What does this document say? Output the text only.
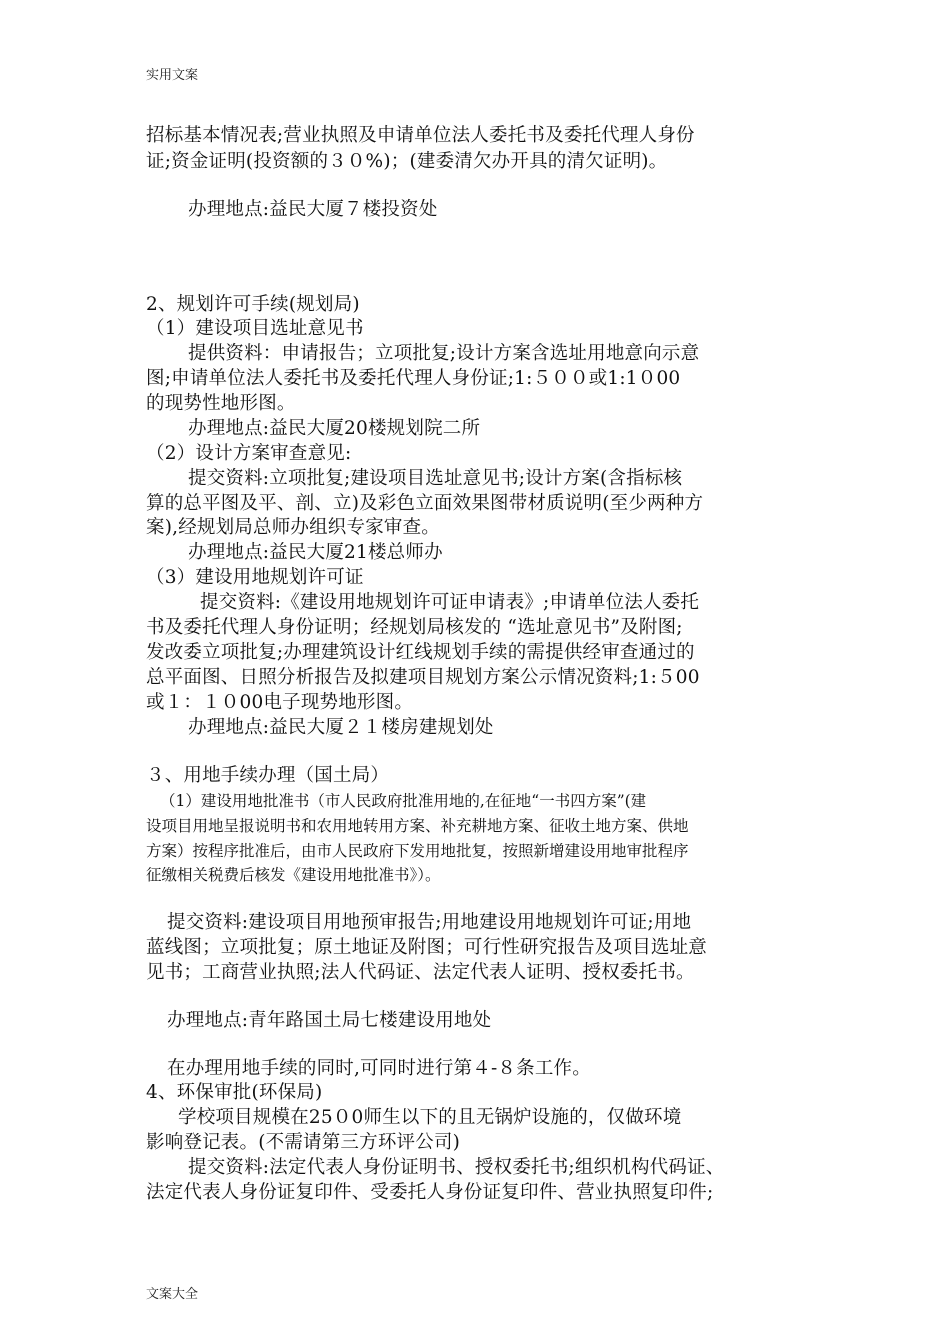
实用文案
招标基本情况表;营业执照及申请单位法人委托书及委托代理人身份
证;资金证明(投资额的３０%)；(建委清欠办开具的清欠证明)。
办理地点:益民大厦７楼投资处
2、规划许可手续(规划局)
（1）建设项目选址意见书
提供资料：申请报告；立项批复;设计方案含选址用地意向示意
图;申请单位法人委托书及委托代理人身份证;1:５００或1:1０00
的现势性地形图。
办理地点:益民大厦20楼规划院二所
（2）设计方案审查意见:
提交资料:立项批复;建设项目选址意见书;设计方案(含指标核
算的总平图及平、剖、立)及彩色立面效果图带材质说明(至少两种方
案),经规划局总师办组织专家审查。
办理地点:益民大厦21楼总师办
（3）建设用地规划许可证
提交资料:《建设用地规划许可证申请表》;申请单位法人委托
书及委托代理人身份证明；经规划局核发的 “选址意见书”及附图;
发改委立项批复;办理建筑设计红线规划手续的需提供经审查通过的
总平面图、日照分析报告及拟建项目规划方案公示情况资料;1:５00
或１：１０00电子现势地形图。
办理地点:益民大厦２１楼房建规划处
３、用地手续办理（国土局）
（1）建设用地批准书（市人民政府批准用地的,在征地“一书四方案”(建
设项目用地呈报说明书和农用地转用方案、补充耕地方案、征收土地方案、供地
方案）按程序批准后，由市人民政府下发用地批复，按照新增建设用地审批程序
征缴相关税费后核发《建设用地批准书》）。
提交资料:建设项目用地预审报告;用地建设用地规划许可证;用地
蓝线图；立项批复；原土地证及附图；可行性研究报告及项目选址意
见书；工商营业执照;法人代码证、法定代表人证明、授权委托书。
办理地点:青年路国土局七楼建设用地处
在办理用地手续的同时,可同时进行第４-８条工作。
4、环保审批(环保局)
学校项目规模在25０0师生以下的且无锅炉设施的，仅做环境
影响登记表。(不需请第三方环评公司)
提交资料:法定代表人身份证明书、授权委托书;组织机构代码证、
法定代表人身份证复印件、受委托人身份证复印件、营业执照复印件;
文案大全
